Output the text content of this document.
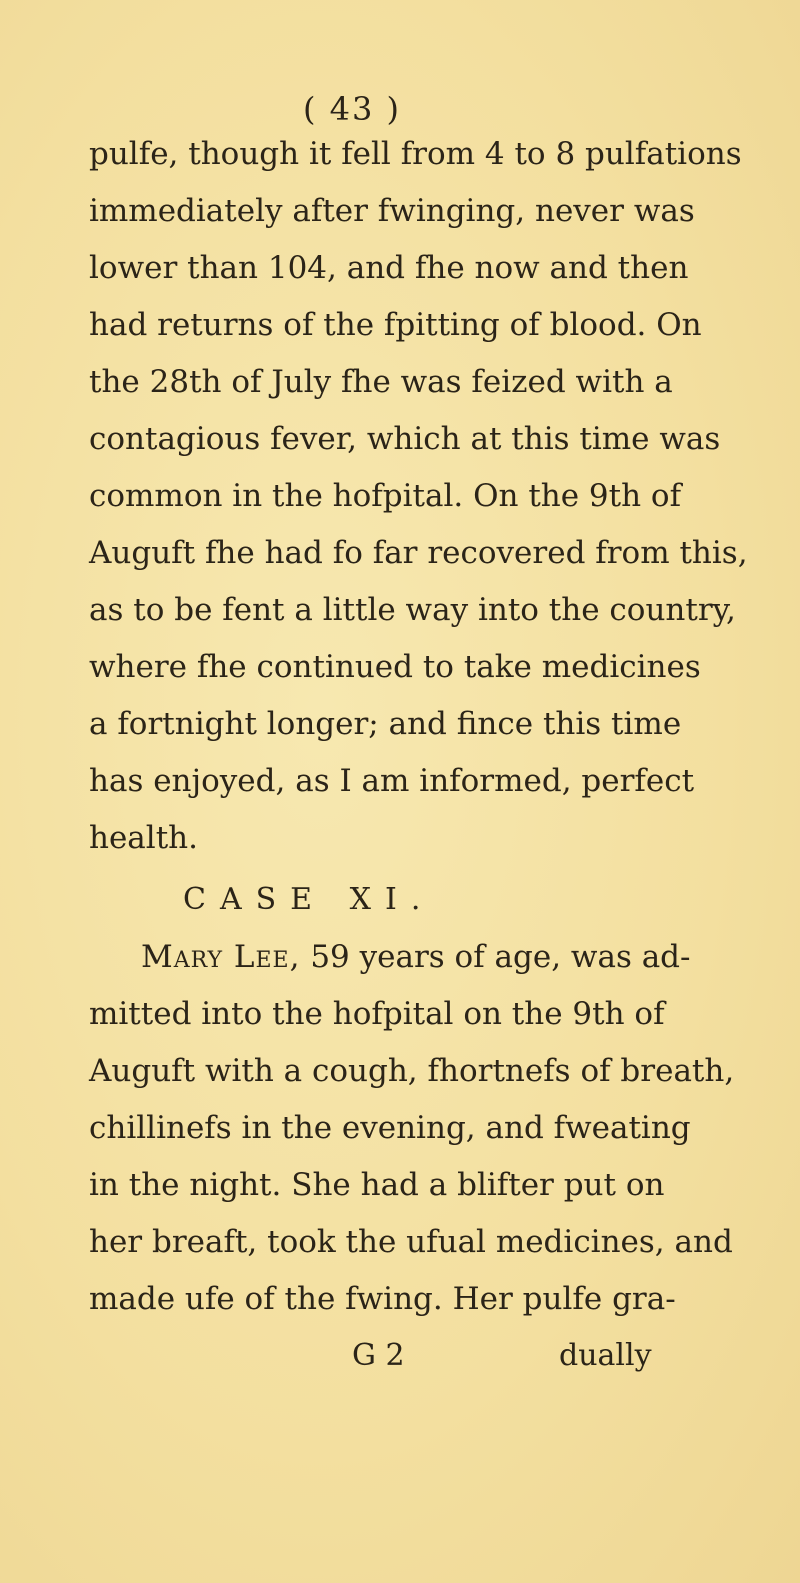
( 43 )
pulfe, though it fell from 4 to 8 pulfations
immediately after fwinging, never was
lower than 104, and fhe now and then
had returns of the fpitting of blood. On
the 28th of July fhe was feized with a
contagious fever, which at this time was
common in the hofpital. On the 9th of
Auguft fhe had fo far recovered from this,
as to be fent a little way into the country,
where fhe continued to take medicines
a fortnight longer; and fince this time
has enjoyed, as I am informed, perfect
health.
CASE XI.
Mary Lee, 59 years of age, was ad-
mitted into the hofpital on the 9th of
Auguft with a cough, fhortnefs of breath,
chillinefs in the evening, and fweating
in the night. She had a blifter put on
her breaft, took the ufual medicines, and
made ufe of the fwing. Her pulfe gra-
G 2	dually
